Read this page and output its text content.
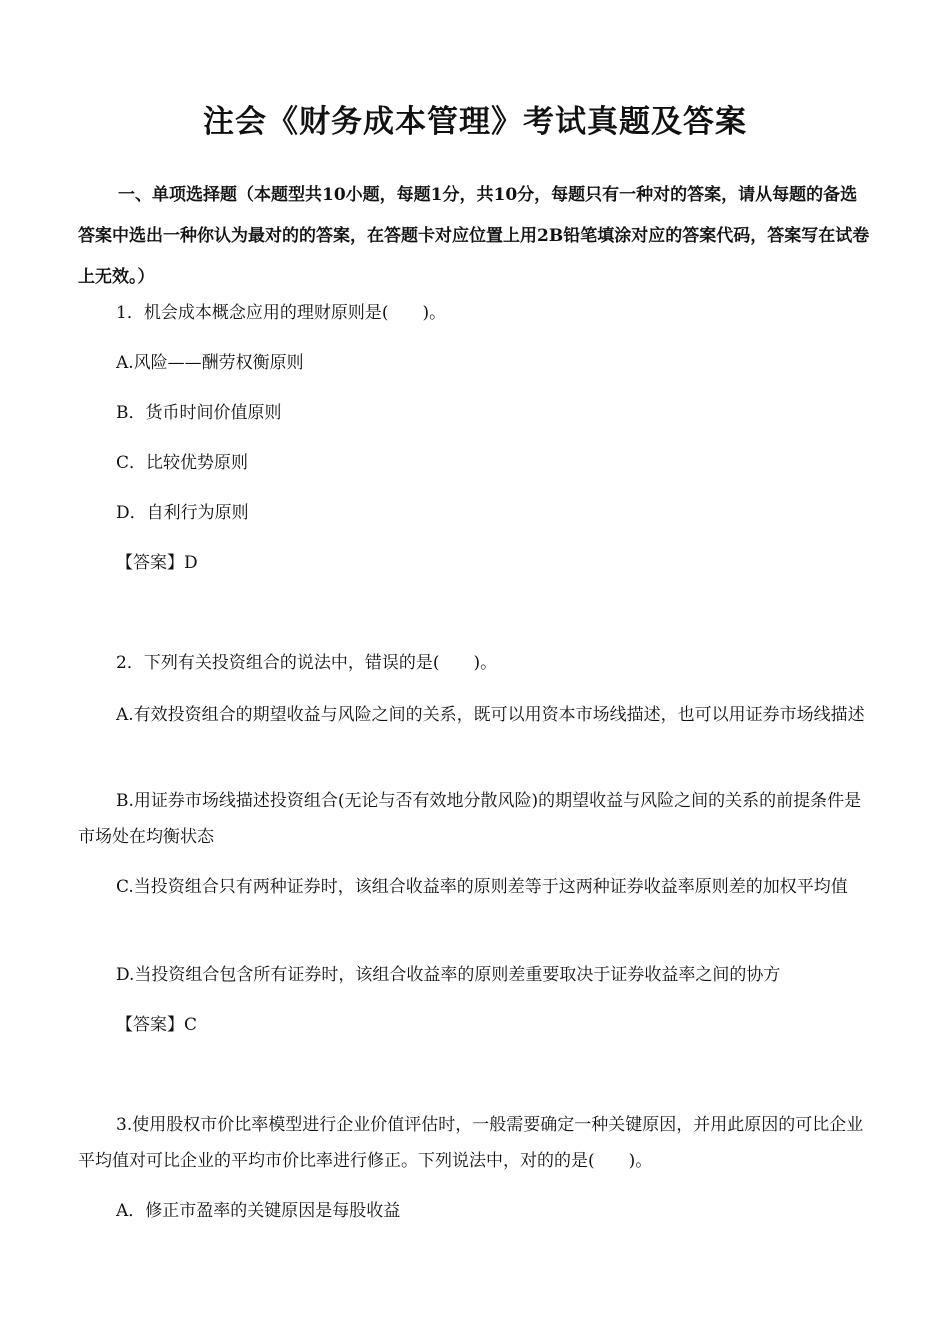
注会《财务成本管理》考试真题及答案
一、单项选择题（本题型共10小题，每题1分，共10分，每题只有一种对的答案，请从每题的备选答案中选出一种你认为最对的的答案，在答题卡对应位置上用2B铅笔填涂对应的答案代码，答案写在试卷上无效。）
1．机会成本概念应用的理财原则是(　　)。
A.风险——酬劳权衡原则
B．货币时间价值原则
C．比较优势原则
D．自利行为原则
【答案】D
2．下列有关投资组合的说法中，错误的是(　　)。
A.有效投资组合的期望收益与风险之间的关系，既可以用资本市场线描述，也可以用证券市场线描述
B.用证券市场线描述投资组合(无论与否有效地分散风险)的期望收益与风险之间的关系的前提条件是市场处在均衡状态
C.当投资组合只有两种证券时，该组合收益率的原则差等于这两种证券收益率原则差的加权平均值
D.当投资组合包含所有证券时，该组合收益率的原则差重要取决于证券收益率之间的协方
【答案】C
3.使用股权市价比率模型进行企业价值评估时，一般需要确定一种关键原因，并用此原因的可比企业平均值对可比企业的平均市价比率进行修正。下列说法中，对的的是(　　)。
A．修正市盈率的关键原因是每股收益
